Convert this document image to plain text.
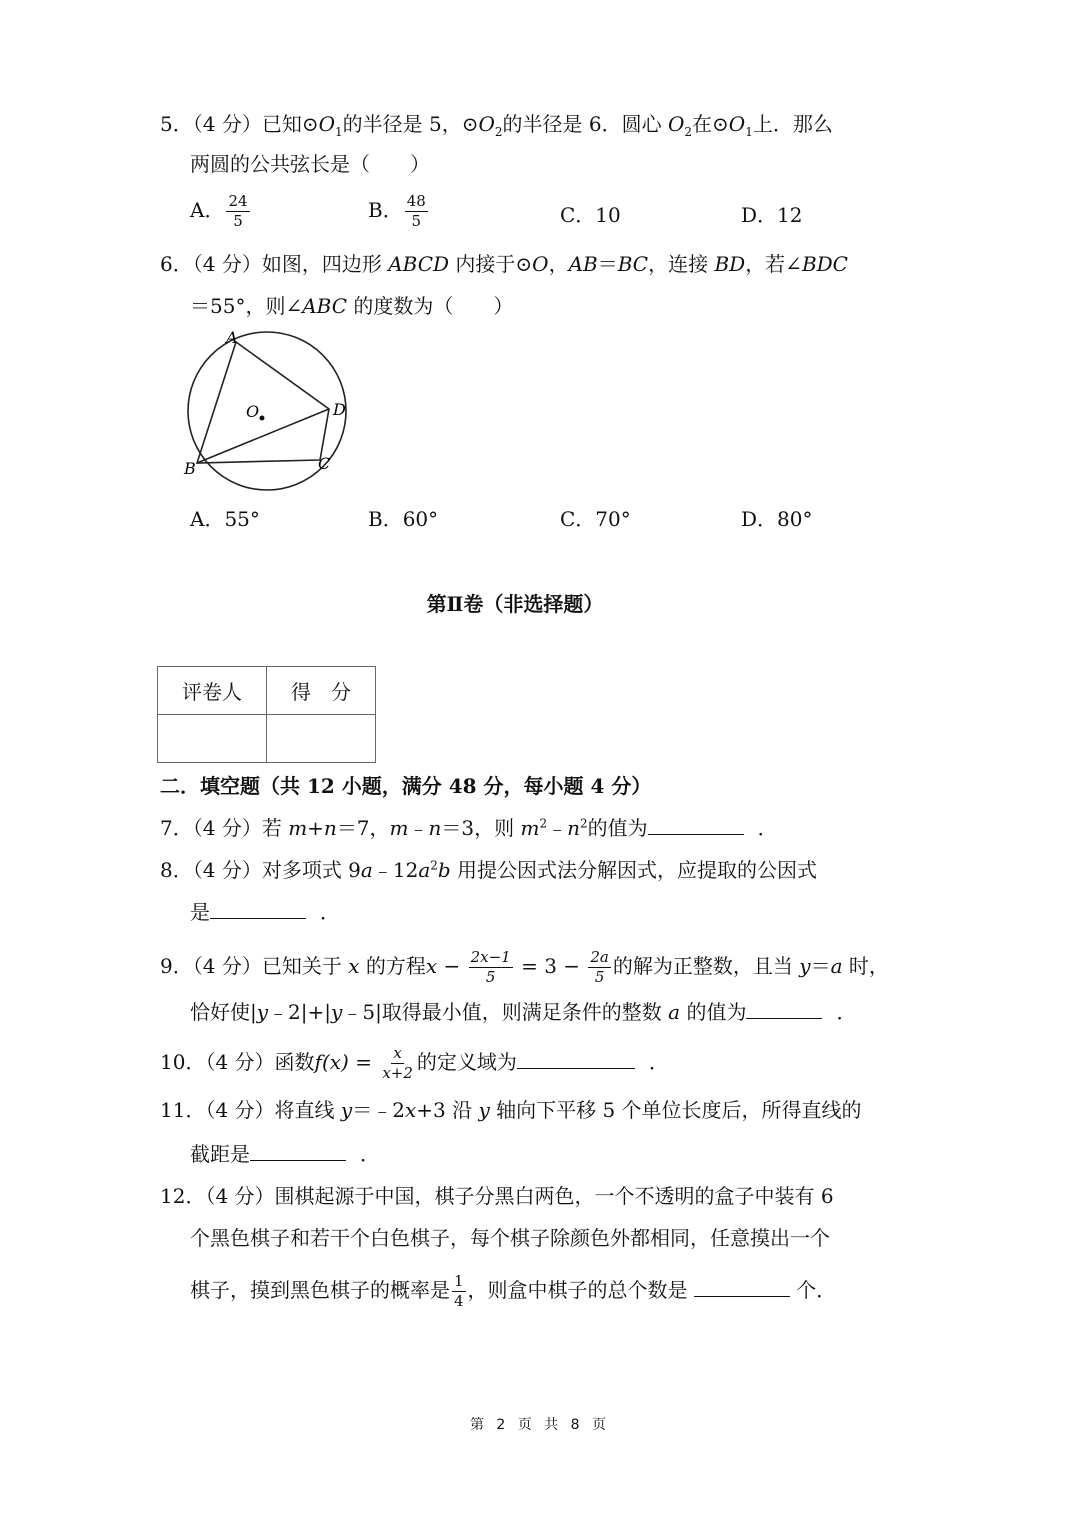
5．（4 分）已知$⊙O_1$的半径是 5，$⊙O_2$的半径是 6．圆心 $O_2$在$⊙O_1$上．那么
两圆的公共弦长是（　　）
A． $\frac{24}{5}$	B． $\frac{48}{5}$	C．10	D．12
6．（4 分）如图，四边形 ABCD 内接于⊙O，AB＝BC，连接 BD，若∠BDC
＝55°，则∠ABC 的度数为（　　）
A
B	C
D
O
A．55°	B．60°	C．70°	D．80°
第Ⅱ卷（非选择题）
评卷人	得　分

二．填空题（共 12 小题，满分 48 分，每小题 4 分）
7．（4 分）若 m+n＝7，m﹣n＝3，则 $m^2﹣n^2$的值为	．
8．（4 分）对多项式 $9a﹣12a^2b$ 用提公因式法分解因式，应提取的公因式
是	．
9．（4 分）已知关于 x 的方程$x - \frac{2x-1}{5} = 3 - \frac{2a}{5}$ 的解为正整数，且当 y＝a 时，
恰好使|y﹣2|+|y﹣5|取得最小值，则满足条件的整数 a 的值为	．
10．（4 分）函数$f(x) = \frac{x}{x+2}$ 的定义域为	．
11．（4 分）将直线 y＝﹣2x+3 沿 y 轴向下平移 5 个单位长度后，所得直线的
截距是	．
12．（4 分）围棋起源于中国，棋子分黑白两色，一个不透明的盒子中装有 6
个黑色棋子和若干个白色棋子，每个棋子除颜色外都相同，任意摸出一个
棋子，摸到黑色棋子的概率是 $\frac{1}{4}$ ，则盒中棋子的总个数是	个．
第 2 页 共 8 页
